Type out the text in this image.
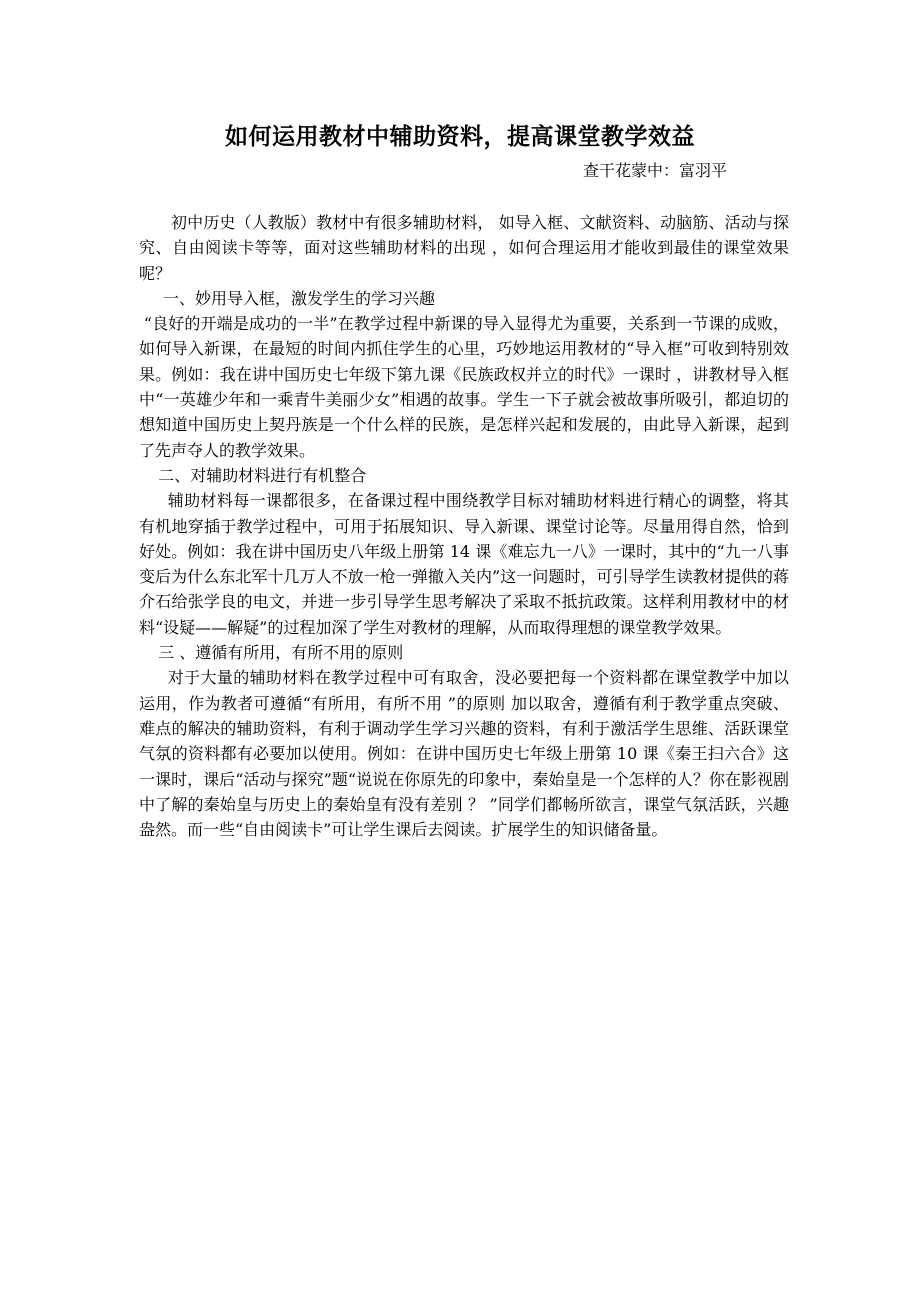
如何运用教材中辅助资料，提高课堂教学效益
查干花蒙中：富羽平

初中历史（人教版）教材中有很多辅助材料， 如导入框、文献资料、动脑筋、活动与探究、自由阅读卡等等，面对这些辅助材料的出现 ，如何合理运用才能收到最佳的课堂效果呢？

一、妙用导入框，激发学生的学习兴趣

“良好的开端是成功的一半”在教学过程中新课的导入显得尤为重要，关系到一节课的成败，如何导入新课，在最短的时间内抓住学生的心里，巧妙地运用教材的“导入框”可收到特别效果。例如：我在讲中国历史七年级下第九课《民族政权并立的时代》一课时 ，讲教材导入框中“一英雄少年和一乘青牛美丽少女”相遇的故事。学生一下子就会被故事所吸引，都迫切的想知道中国历史上契丹族是一个什么样的民族，是怎样兴起和发展的，由此导入新课，起到了先声夺人的教学效果。

二、对辅助材料进行有机整合

辅助材料每一课都很多，在备课过程中围绕教学目标对辅助材料进行精心的调整，将其有机地穿插于教学过程中，可用于拓展知识、导入新课、课堂讨论等。尽量用得自然，恰到好处。例如：我在讲中国历史八年级上册第 14 课《难忘九一八》一课时，其中的“九一八事变后为什么东北军十几万人不放一枪一弹撤入关内”这一问题时，可引导学生读教材提供的蒋介石给张学良的电文，并进一步引导学生思考解决了采取不抵抗政策。这样利用教材中的材料“设疑——解疑”的过程加深了学生对教材的理解，从而取得理想的课堂教学效果。

三 、遵循有所用，有所不用的原则

对于大量的辅助材料在教学过程中可有取舍，没必要把每一个资料都在课堂教学中加以运用，作为教者可遵循“有所用，有所不用 ”的原则 加以取舍，遵循有利于教学重点突破、难点的解决的辅助资料，有利于调动学生学习兴趣的资料，有利于激活学生思维、活跃课堂气氛的资料都有必要加以使用。例如：在讲中国历史七年级上册第 10 课《秦王扫六合》这一课时，课后“活动与探究”题“说说在你原先的印象中，秦始皇是一个怎样的人？你在影视剧中了解的秦始皇与历史上的秦始皇有没有差别 ？ ”同学们都畅所欲言，课堂气氛活跃，兴趣盎然。而一些“自由阅读卡”可让学生课后去阅读。扩展学生的知识储备量。
